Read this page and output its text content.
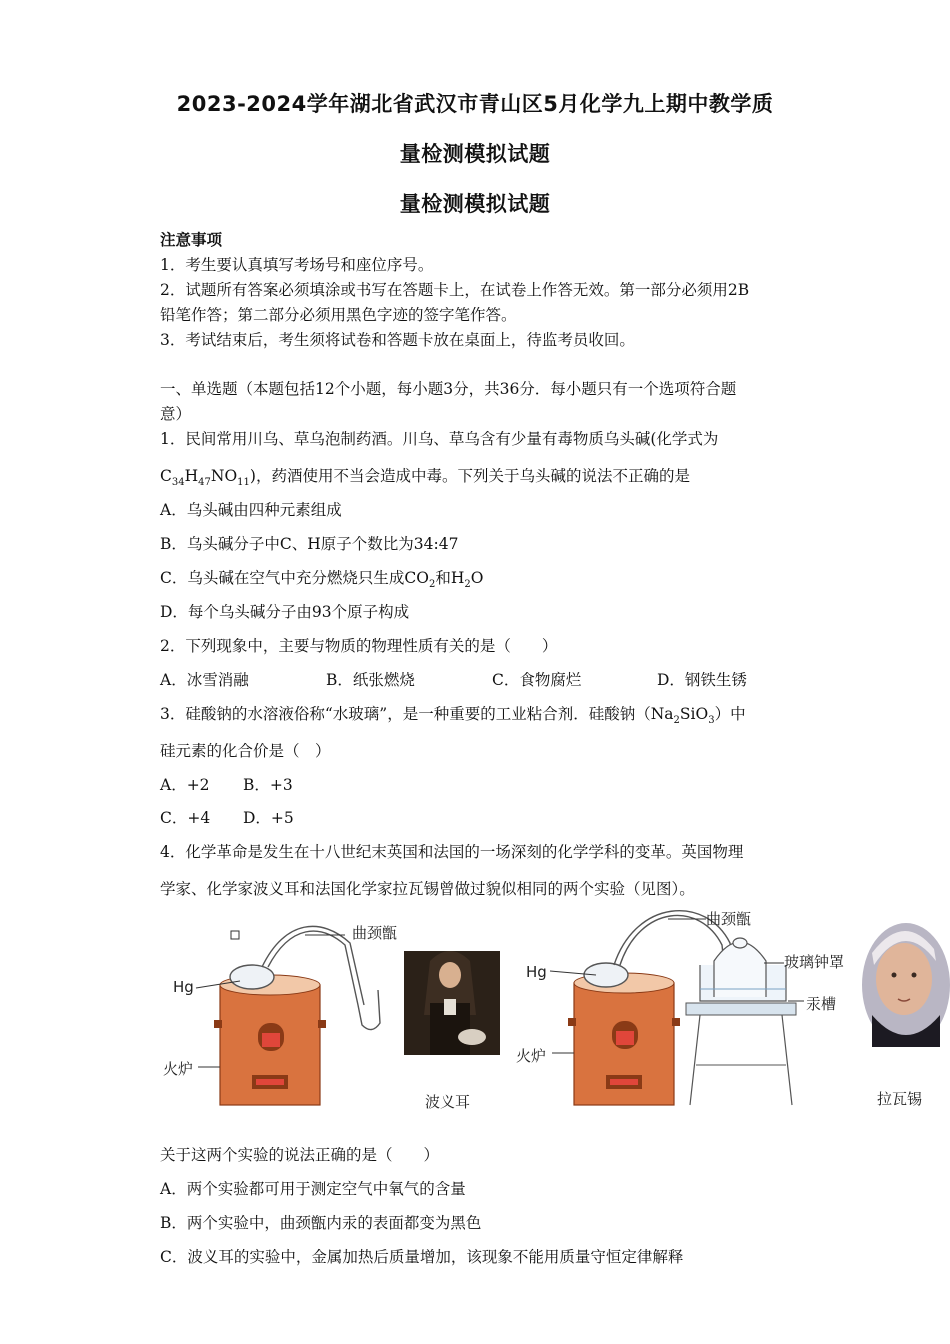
2023-2024学年湖北省武汉市青山区5月化学九上期中教学质
量检测模拟试题
量检测模拟试题
注意事项
1．考生要认真填写考场号和座位序号。
2．试题所有答案必须填涂或书写在答题卡上，在试卷上作答无效。第一部分必须用2B
铅笔作答；第二部分必须用黑色字迹的签字笔作答。
3．考试结束后，考生须将试卷和答题卡放在桌面上，待监考员收回。
一、单选题（本题包括12个小题，每小题3分，共36分．每小题只有一个选项符合题
意）
1．民间常用川乌、草乌泡制药酒。川乌、草乌含有少量有毒物质乌头碱(化学式为
$C_{34}H_{47}NO_{11}$)，药酒使用不当会造成中毒。下列关于乌头碱的说法不正确的是
A．乌头碱由四种元素组成
B．乌头碱分子中C、H原子个数比为34:47
C．乌头碱在空气中充分燃烧只生成$CO_2$和$H_2O$
D．每个乌头碱分子由93个原子构成
2．下列现象中，主要与物质的物理性质有关的是（　　）
A．冰雪消融	B．纸张燃烧	C．食物腐烂	D．钢铁生锈
3．硅酸钠的水溶液俗称“水玻璃”，是一种重要的工业粘合剂．硅酸钠$(Na_2SiO_3)$中
硅元素的化合价是（　）
A．+2 B．+3
C．+4 D．+5
4．化学革命是发生在十八世纪末英国和法国的一场深刻的化学学科的变革。英国物理
学家、化学家波义耳和法国化学家拉瓦锡曾做过貌似相同的两个实验（见图）。
曲颈甑
Hg
火炉
波义耳
曲颈甑
Hg
玻璃钟罩
汞槽
火炉
拉瓦锡
关于这两个实验的说法正确的是（　　）
A．两个实验都可用于测定空气中氧气的含量
B．两个实验中，曲颈甑内汞的表面都变为黑色
C．波义耳的实验中，金属加热后质量增加，该现象不能用质量守恒定律解释
